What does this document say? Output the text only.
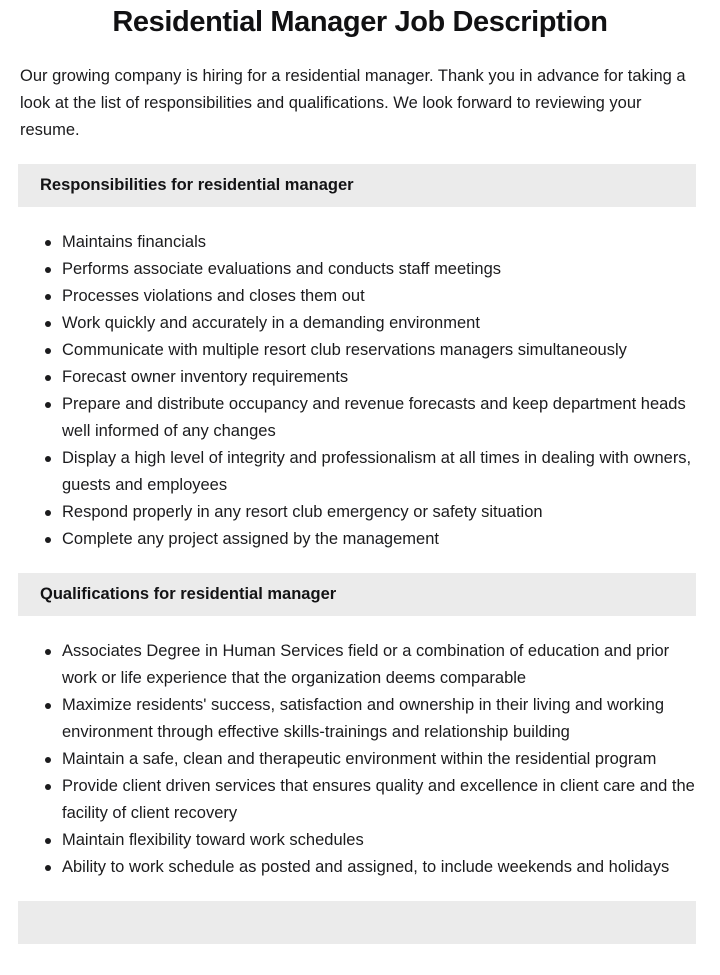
Residential Manager Job Description

Our growing company is hiring for a residential manager. Thank you in advance for taking a look at the list of responsibilities and qualifications. We look forward to reviewing your resume.

Responsibilities for residential manager
Maintains financials
Performs associate evaluations and conducts staff meetings
Processes violations and closes them out
Work quickly and accurately in a demanding environment
Communicate with multiple resort club reservations managers simultaneously
Forecast owner inventory requirements
Prepare and distribute occupancy and revenue forecasts and keep department heads well informed of any changes
Display a high level of integrity and professionalism at all times in dealing with owners, guests and employees
Respond properly in any resort club emergency or safety situation
Complete any project assigned by the management
Qualifications for residential manager
Associates Degree in Human Services field or a combination of education and prior work or life experience that the organization deems comparable
Maximize residents' success, satisfaction and ownership in their living and working environment through effective skills-trainings and relationship building
Maintain a safe, clean and therapeutic environment within the residential program
Provide client driven services that ensures quality and excellence in client care and the facility of client recovery
Maintain flexibility toward work schedules
Ability to work schedule as posted and assigned, to include weekends and holidays
